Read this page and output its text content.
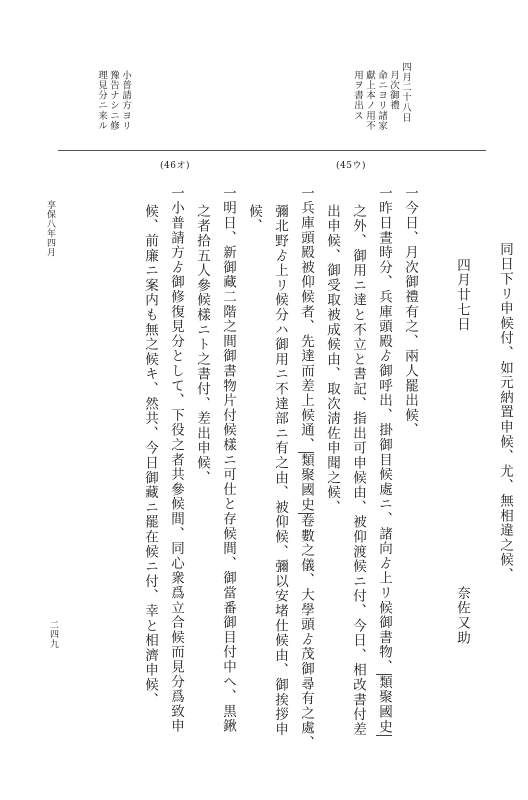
四月二十八日
月次御禮
命ニヨリ諸家
獻上本ノ用不
用ヲ書出ス
小普請方ヨリ
豫告ナシニ修
理見分ニ来ル
(45ウ)
(46オ)
享保八年四月
二四九
同日下リ申候付、如元納置申候、尤、無相違之候、
四月廿七日
奈佐又助
一今日、月次御禮有之、兩人罷出候、
一昨日晝時分、兵庫頭殿ゟ御呼出、掛御目候處ニ、諸向ゟ上リ候御書物、類聚國史
之外、御用ニ達と不立と書記、指出可申候由、被仰渡候ニ付、今日、相改書付差
出申候、御受取被成候由、取次淸佐申聞之候、
一兵庫頭殿被仰候者、先達而差上候通、類聚國史卷數之儀、大學頭ゟ茂御尋有之處、
彌北野ゟ上リ候分ハ御用ニ不達部ニ有之由、被仰候、彌以安堵仕候由、御挨拶申
候、
一明日、新御藏二階之間御書物片付候樣ニ可仕と存候間、御當番御目付中へ、黒鍬
之者拾五人參候樣ニト之書付、差出申候、
一小普請方ゟ御修復見分として、下役之者共參候間、同心衆爲立合候而見分爲致申
候、前廉ニ案内も無之候キ、然共、今日御藏ニ罷在候ニ付、幸と相濟申候、
